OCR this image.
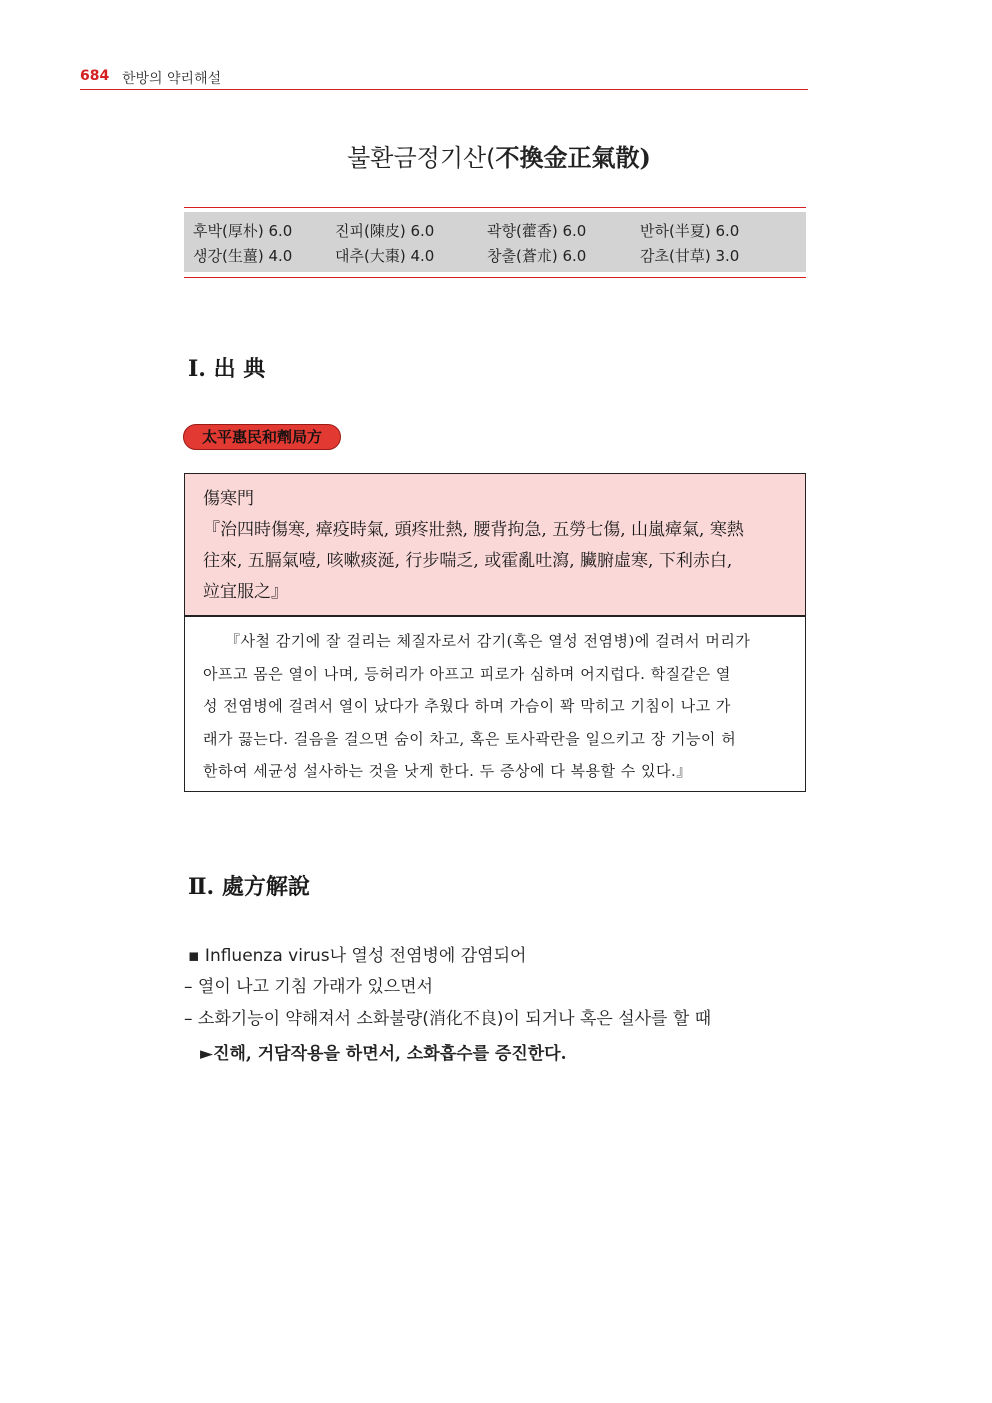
684 한방의 약리해설
불환금정기산(不換金正氣散)
후박(厚朴) 6.0	진피(陳皮) 6.0	곽향(藿香) 6.0	반하(半夏) 6.0
생강(生薑) 4.0	대추(大棗) 4.0	창출(蒼朮) 6.0	감초(甘草) 3.0
Ⅰ. 出 典
太平惠民和劑局方
傷寒門
『治四時傷寒, 瘴疫時氣, 頭疼壯熱, 腰背拘急, 五勞七傷, 山嵐瘴氣, 寒熱
往來, 五膈氣噎, 咳嗽痰涎, 行步喘乏, 或霍亂吐瀉, 臟腑虛寒, 下利赤白,
竝宜服之』
『사철 감기에 잘 걸리는 체질자로서 감기(혹은 열성 전염병)에 걸려서 머리가
아프고 몸은 열이 나며, 등허리가 아프고 피로가 심하며 어지럽다. 학질같은 열
성 전염병에 걸려서 열이 났다가 추웠다 하며 가슴이 꽉 막히고 기침이 나고 가
래가 끓는다. 걸음을 걸으면 숨이 차고, 혹은 토사곽란을 일으키고 장 기능이 허
한하여 세균성 설사하는 것을 낫게 한다. 두 증상에 다 복용할 수 있다.』
Ⅱ. 處方解說
▪ Influenza virus나 열성 전염병에 감염되어
– 열이 나고 기침 가래가 있으면서
– 소화기능이 약해져서 소화불량(消化不良)이 되거나 혹은 설사를 할 때
►진해, 거담작용을 하면서, 소화흡수를 증진한다.
